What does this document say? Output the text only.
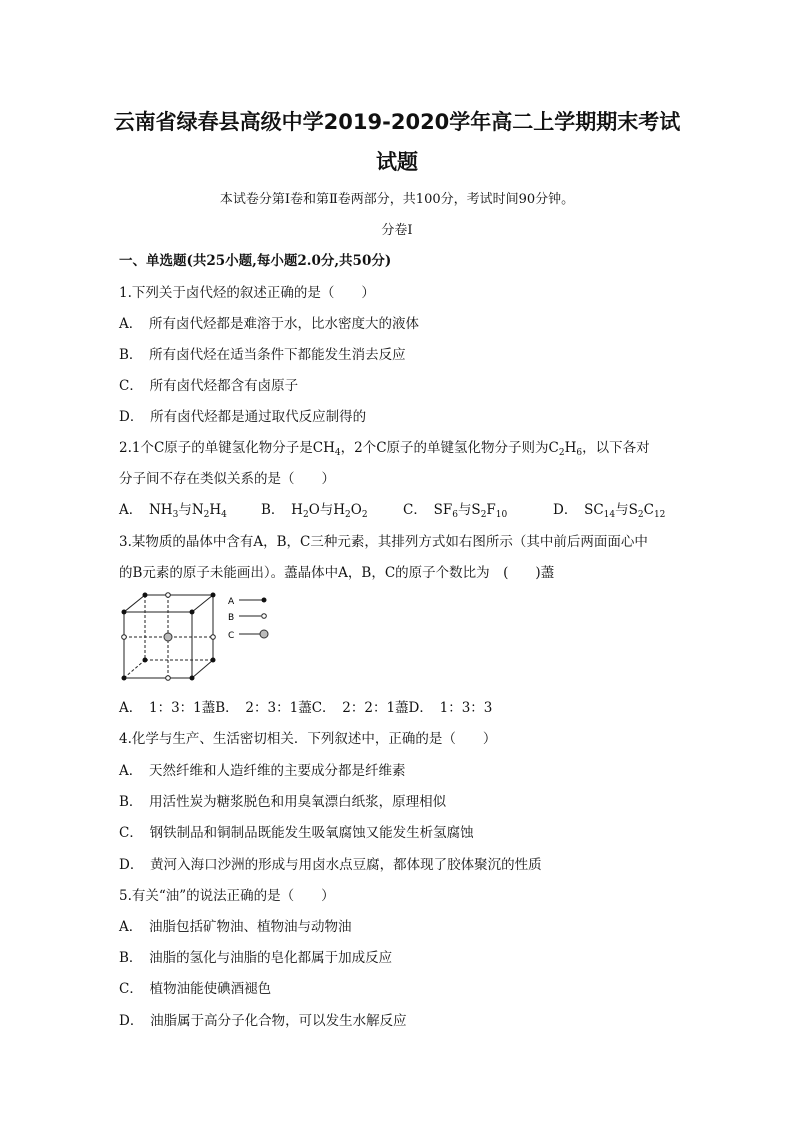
云南省绿春县高级中学2019-2020学年高二上学期期末考试
试题
本试卷分第Ⅰ卷和第Ⅱ卷两部分，共100分，考试时间90分钟。
分卷I
一、单选题(共25小题,每小题2.0分,共50分)
1.下列关于卤代烃的叙述正确的是（　　）
A．　所有卤代烃都是难溶于水，比水密度大的液体
B．　所有卤代烃在适当条件下都能发生消去反应
C．　所有卤代烃都含有卤原子
D．　所有卤代烃都是通过取代反应制得的
2.1个C原子的单键氢化物分子是$CH_4$，2个C原子的单键氢化物分子则为$C_2H_6$，以下各对
分子间不存在类似关系的是（　　）
A．　$NH_3$与$N_2H_4$	B．　$H_2O$与$H_2O_2$	C．　$SF_6$与$S_2F_{10}$	D．　$SC_{14}$与$S_2C_{12}$
3.某物质的晶体中含有A，B，C三种元素，其排列方式如右图所示（其中前后两面面心中
的B元素的原子未能画出）。藎晶体中A，B，C的原子个数比为　(　　)藎
A
B
C
A．　1：3：1藎B．　2：3：1藎C．　2：2：1藎D．　1：3：3
4.化学与生产、生活密切相关．下列叙述中，正确的是（　　）
A．　天然纤维和人造纤维的主要成分都是纤维素
B．　用活性炭为糖浆脱色和用臭氧漂白纸浆，原理相似
C．　钢铁制品和铜制品既能发生吸氧腐蚀又能发生析氢腐蚀
D．　黄河入海口沙洲的形成与用卤水点豆腐，都体现了胶体聚沉的性质
5.有关“油”的说法正确的是（　　）
A．　油脂包括矿物油、植物油与动物油
B．　油脂的氢化与油脂的皂化都属于加成反应
C．　植物油能使碘酒褪色
D．　油脂属于高分子化合物，可以发生水解反应
